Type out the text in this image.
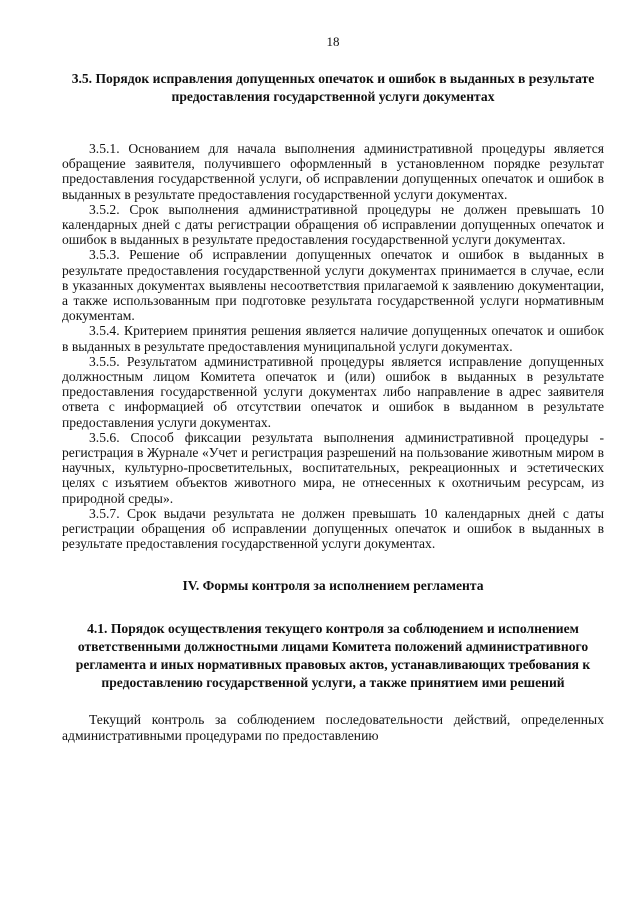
18

3.5. Порядок исправления допущенных опечаток и ошибок в выданных в результате предоставления государственной услуги документах

3.5.1. Основанием для начала выполнения административной процедуры является обращение заявителя, получившего оформленный в установленном порядке результат предоставления государственной услуги, об исправлении допущенных опечаток и ошибок в выданных в результате предоставления государственной услуги документах.

3.5.2. Срок выполнения административной процедуры не должен превышать 10 календарных дней с даты регистрации обращения об исправлении допущенных опечаток и ошибок в выданных в результате предоставления государственной услуги документах.

3.5.3. Решение об исправлении допущенных опечаток и ошибок в выданных в результате предоставления государственной услуги документах принимается в случае, если в указанных документах выявлены несоответствия прилагаемой к заявлению документации, а также использованным при подготовке результата государственной услуги нормативным документам.

3.5.4. Критерием принятия решения является наличие допущенных опечаток и ошибок в выданных в результате предоставления муниципальной услуги документах.

3.5.5. Результатом административной процедуры является исправление допущенных должностным лицом Комитета опечаток и (или) ошибок в выданных в результате предоставления государственной услуги документах либо направление в адрес заявителя ответа с информацией об отсутствии опечаток и ошибок в выданном в результате предоставления услуги документах.

3.5.6. Способ фиксации результата выполнения административной процедуры - регистрация в Журнале «Учет и регистрация разрешений на пользование животным миром в научных, культурно-просветительных, воспитательных, рекреационных и эстетических целях с изъятием объектов животного мира, не отнесенных к охотничьим ресурсам, из природной среды».

3.5.7. Срок выдачи результата не должен превышать 10 календарных дней с даты регистрации обращения об исправлении допущенных опечаток и ошибок в выданных в результате предоставления государственной услуги документах.

IV. Формы контроля за исполнением регламента

4.1. Порядок осуществления текущего контроля за соблюдением и исполнением ответственными должностными лицами Комитета положений административного регламента и иных нормативных правовых актов, устанавливающих требования к предоставлению государственной услуги, а также принятием ими решений

Текущий контроль за соблюдением последовательности действий, определенных административными процедурами по предоставлению
